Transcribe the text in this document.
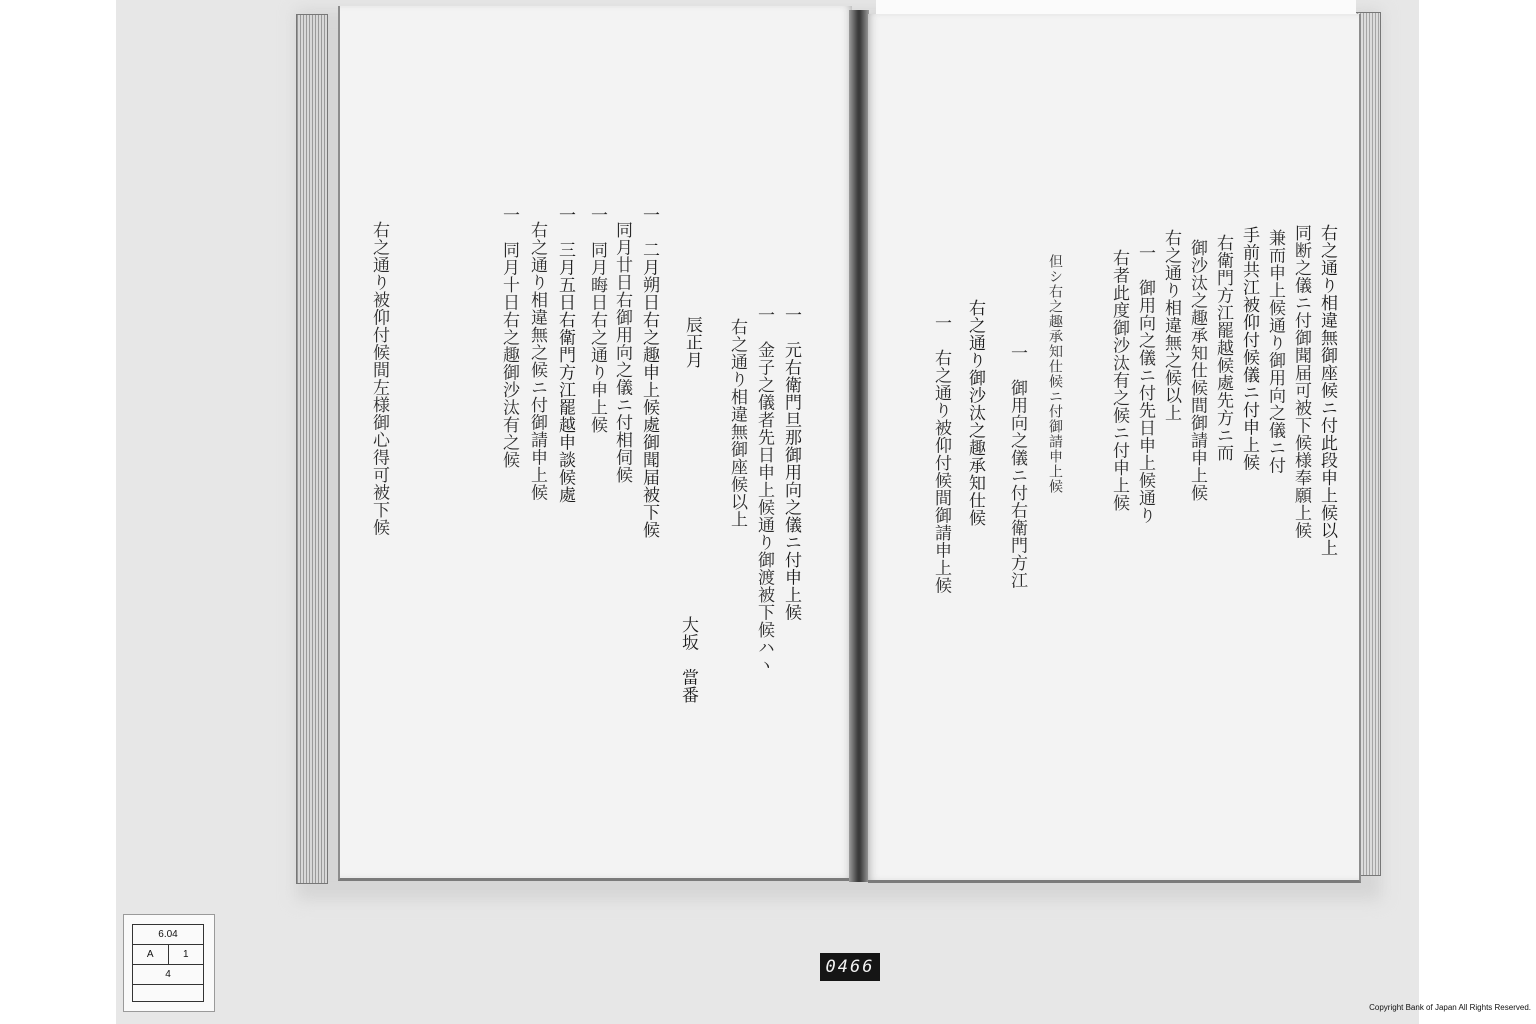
一　元右衛門旦那御用向之儀ニ付申上候
一　金子之儀者先日申上候通り御渡被下候ハヽ
右之通り相違無御座候以上
辰正月
大坂　當番
一　二月朔日右之趣申上候處御聞届被下候
同月廿日右御用向之儀ニ付相伺候
一　同月晦日右之通り申上候
一　三月五日右衛門方江罷越申談候處
右之通り相違無之候ニ付御請申上候
一　同月十日右之趣御沙汰有之候
右之通り被仰付候間左様御心得可被下候	右之通り相違無御座候ニ付此段申上候以上
同断之儀ニ付御聞届可被下候様奉願上候
兼而申上候通り御用向之儀ニ付
手前共江被仰付候儀ニ付申上候
右衛門方江罷越候處先方ニ而
御沙汰之趣承知仕候間御請申上候
右之通り相違無之候以上
一　御用向之儀ニ付先日申上候通り
右者此度御沙汰有之候ニ付申上候
但シ右之趣承知仕候ニ付御請申上候
一　御用向之儀ニ付右衛門方江
右之通り御沙汰之趣承知仕候
一　右之通り被仰付候間御請申上候
6.04
A	1
4	0466
Copyright Bank of Japan All Rights Reserved.
